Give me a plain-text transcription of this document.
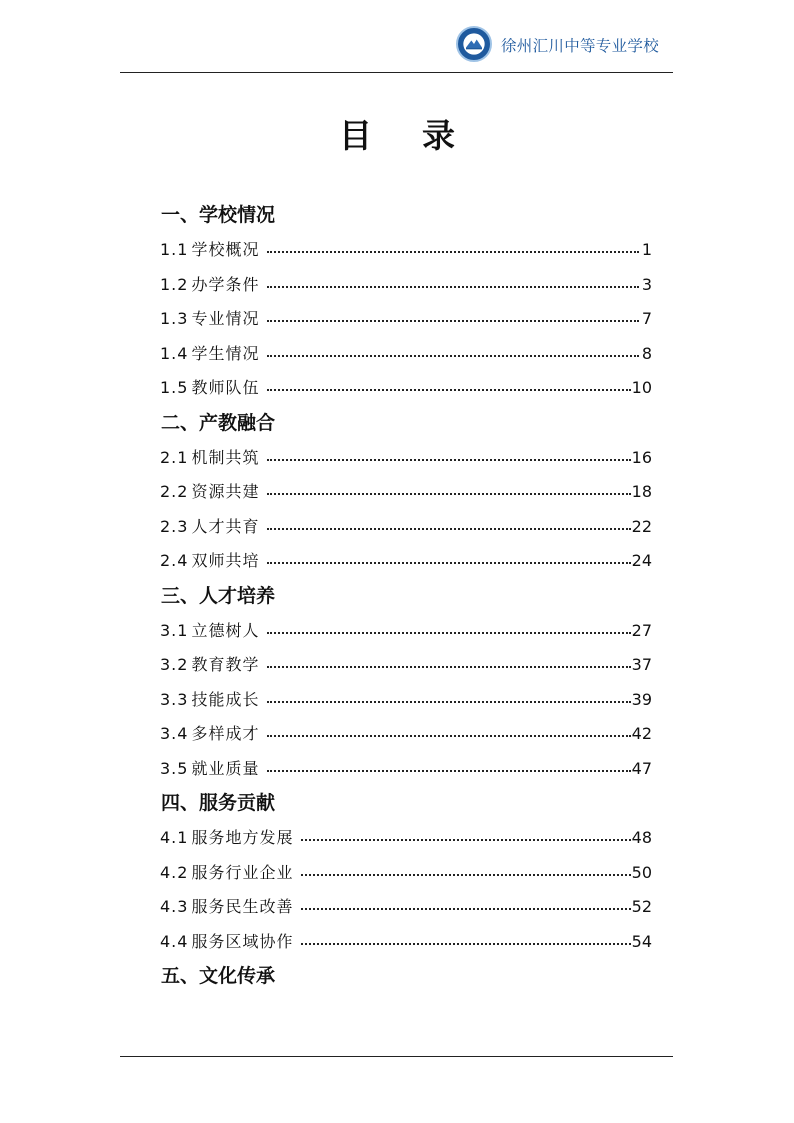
徐州汇川中等专业学校
目录
一、学校情况
1.1 学校概况	1
1.2 办学条件	3
1.3 专业情况	7
1.4 学生情况	8
1.5 教师队伍	10
二、产教融合
2.1 机制共筑	16
2.2 资源共建	18
2.3 人才共育	22
2.4 双师共培	24
三、人才培养
3.1 立德树人	27
3.2 教育教学	37
3.3 技能成长	39
3.4 多样成才	42
3.5 就业质量	47
四、服务贡献
4.1 服务地方发展	48
4.2 服务行业企业	50
4.3 服务民生改善	52
4.4 服务区域协作	54
五、文化传承
